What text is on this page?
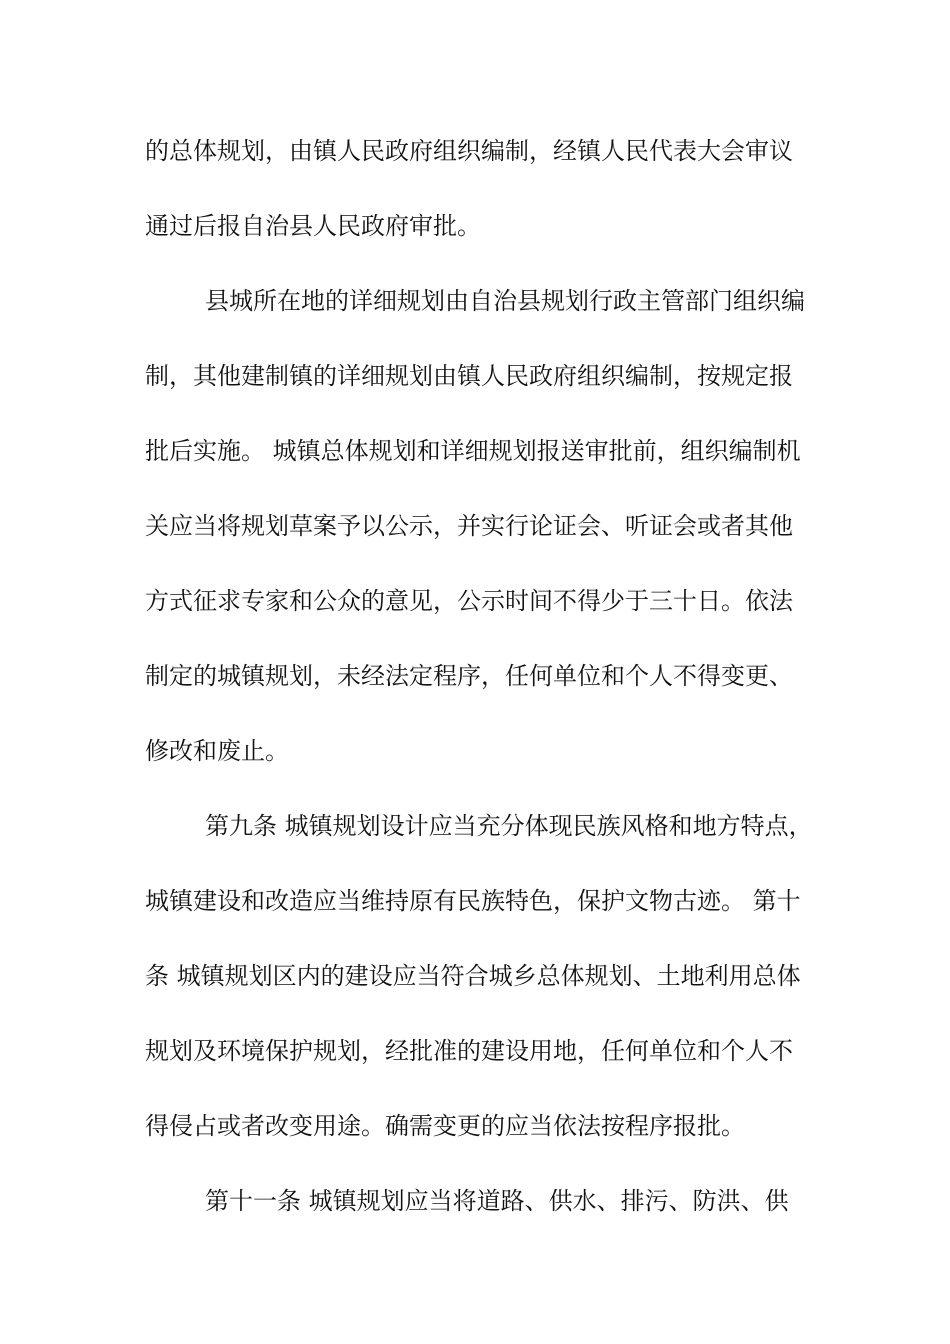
的总体规划，由镇人民政府组织编制，经镇人民代表大会审议
通过后报自治县人民政府审批。
县城所在地的详细规划由自治县规划行政主管部门组织编
制，其他建制镇的详细规划由镇人民政府组织编制，按规定报
批后实施。 城镇总体规划和详细规划报送审批前，组织编制机
关应当将规划草案予以公示，并实行论证会、听证会或者其他
方式征求专家和公众的意见，公示时间不得少于三十日。依法
制定的城镇规划，未经法定程序，任何单位和个人不得变更、
修改和废止。
第九条 城镇规划设计应当充分体现民族风格和地方特点，
城镇建设和改造应当维持原有民族特色，保护文物古迹。 第十
条 城镇规划区内的建设应当符合城乡总体规划、土地利用总体
规划及环境保护规划，经批准的建设用地，任何单位和个人不
得侵占或者改变用途。确需变更的应当依法按程序报批。
第十一条 城镇规划应当将道路、供水、排污、防洪、供
